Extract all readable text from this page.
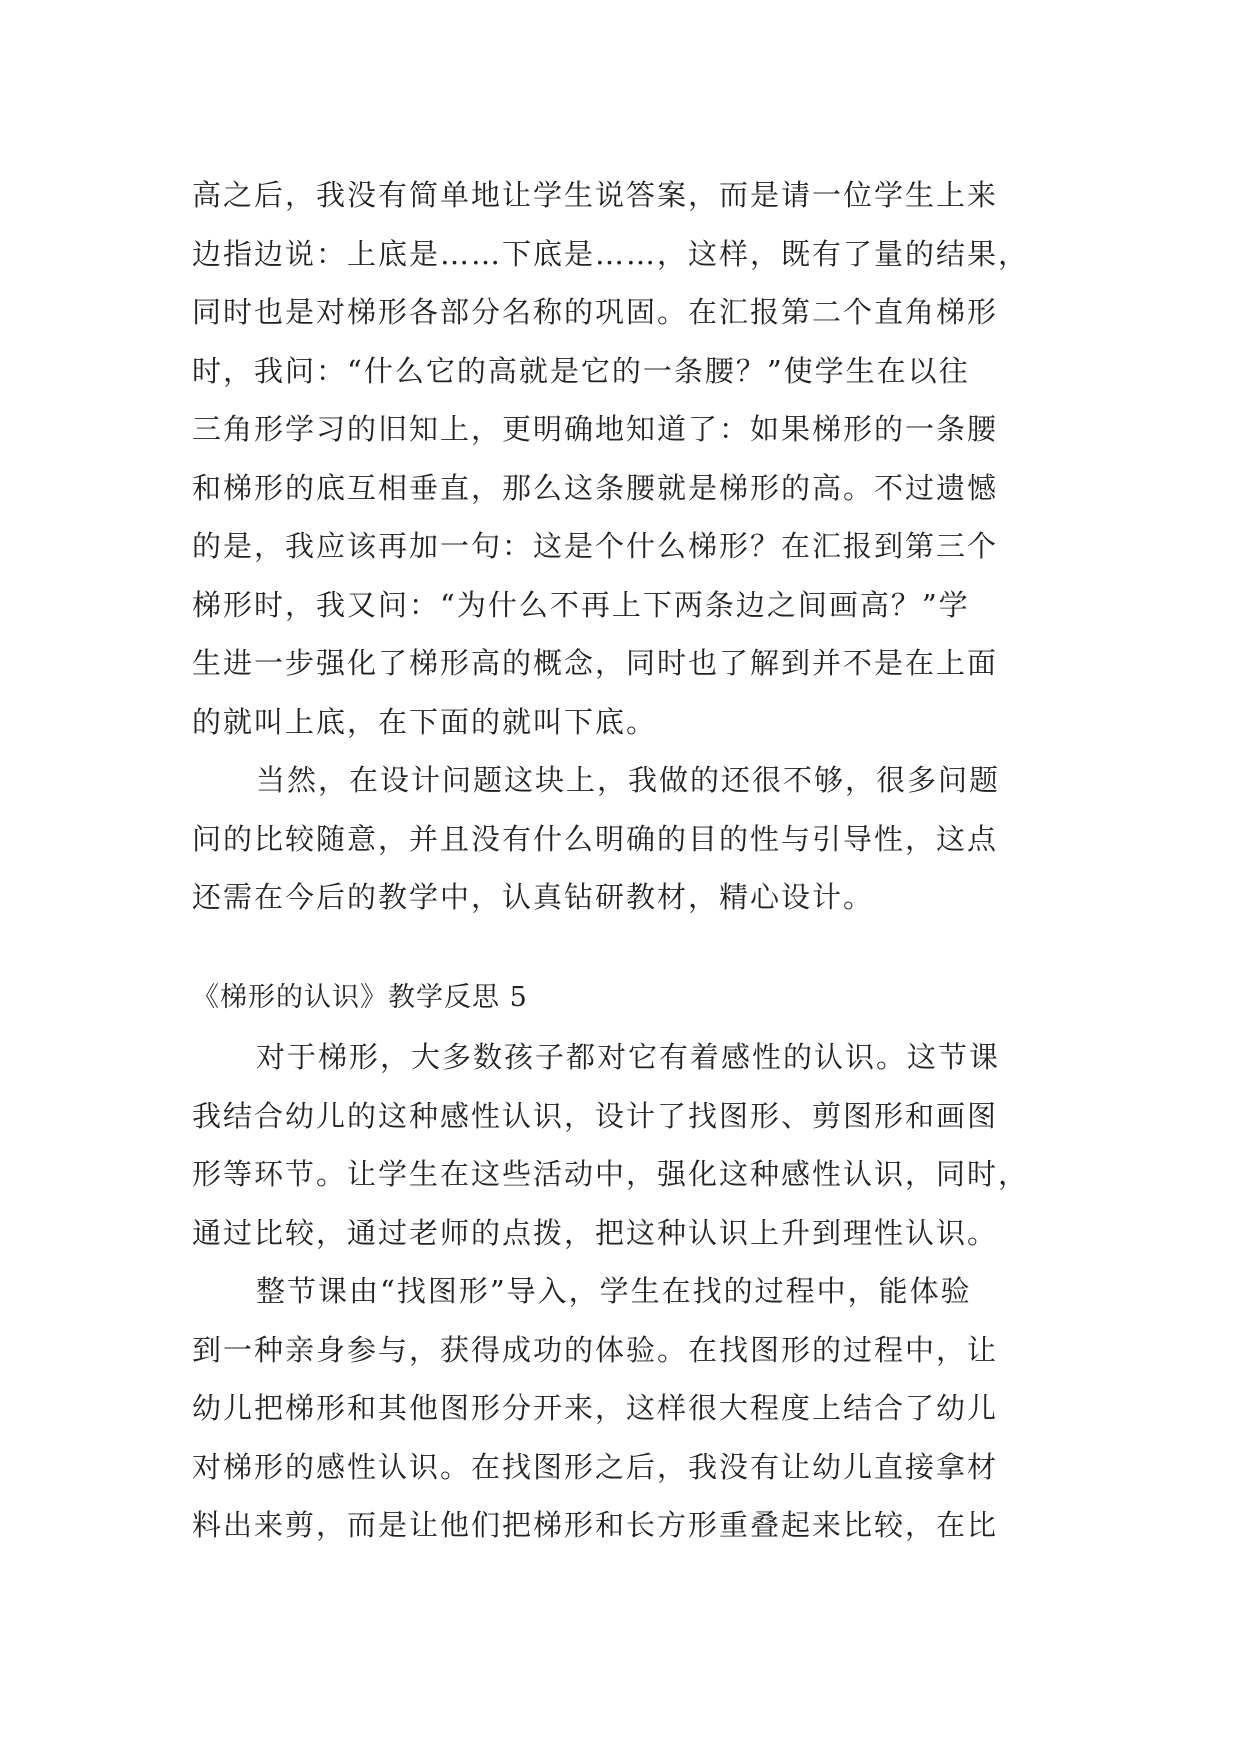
高之后，我没有简单地让学生说答案，而是请一位学生上来
边指边说：上底是……下底是……，这样，既有了量的结果，
同时也是对梯形各部分名称的巩固。在汇报第二个直角梯形
时，我问：“什么它的高就是它的一条腰？”使学生在以往
三角形学习的旧知上，更明确地知道了：如果梯形的一条腰
和梯形的底互相垂直，那么这条腰就是梯形的高。不过遗憾
的是，我应该再加一句：这是个什么梯形？在汇报到第三个
梯形时，我又问：“为什么不再上下两条边之间画高？”学
生进一步强化了梯形高的概念，同时也了解到并不是在上面
的就叫上底，在下面的就叫下底。
当然，在设计问题这块上，我做的还很不够，很多问题
问的比较随意，并且没有什么明确的目的性与引导性，这点
还需在今后的教学中，认真钻研教材，精心设计。
《梯形的认识》教学反思 5
对于梯形，大多数孩子都对它有着感性的认识。这节课
我结合幼儿的这种感性认识，设计了找图形、剪图形和画图
形等环节。让学生在这些活动中，强化这种感性认识，同时，
通过比较，通过老师的点拨，把这种认识上升到理性认识。
整节课由“找图形”导入，学生在找的过程中，能体验
到一种亲身参与，获得成功的体验。在找图形的过程中，让
幼儿把梯形和其他图形分开来，这样很大程度上结合了幼儿
对梯形的感性认识。在找图形之后，我没有让幼儿直接拿材
料出来剪，而是让他们把梯形和长方形重叠起来比较，在比
